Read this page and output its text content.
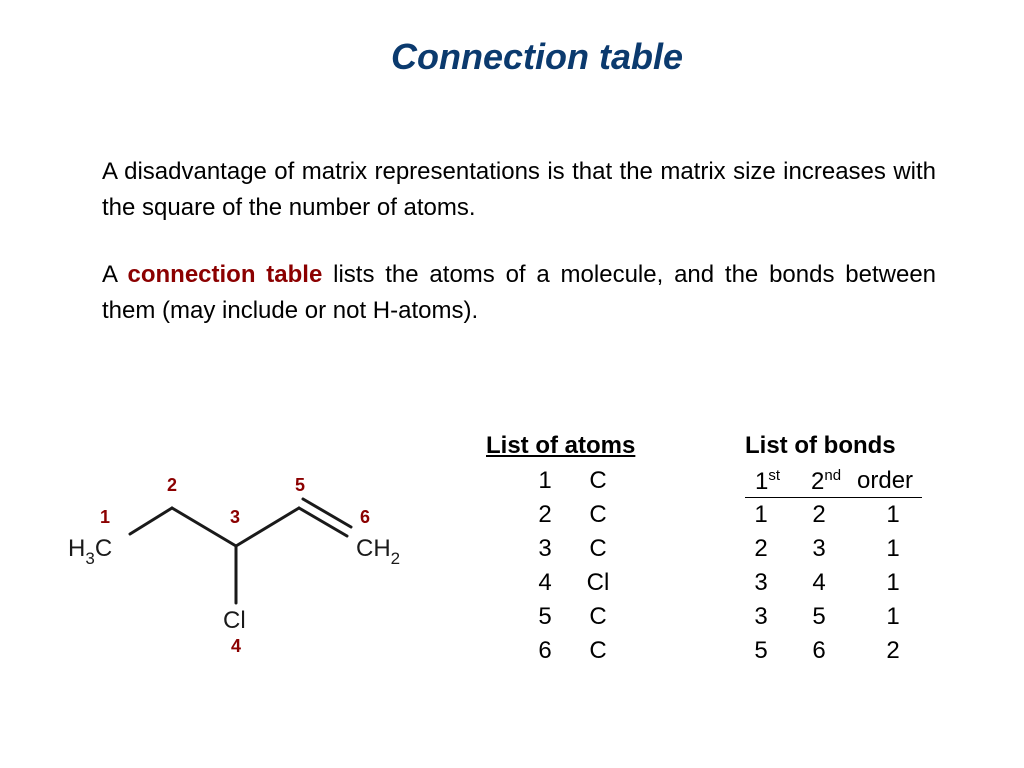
Connection table
A disadvantage of matrix representations is that the matrix size increases with the square of the number of atoms.
A connection table lists the atoms of a molecule, and the bonds between them (may include or not H-atoms).
H3C	CH2
Cl
1
2
3
4
5
6
List of atoms
1	C
2	C
3	C
4	Cl
5	C
6	C
List of bonds
1st 2nd order
1	2	1
2	3	1
3	4	1
3	5	1
5	6	2
